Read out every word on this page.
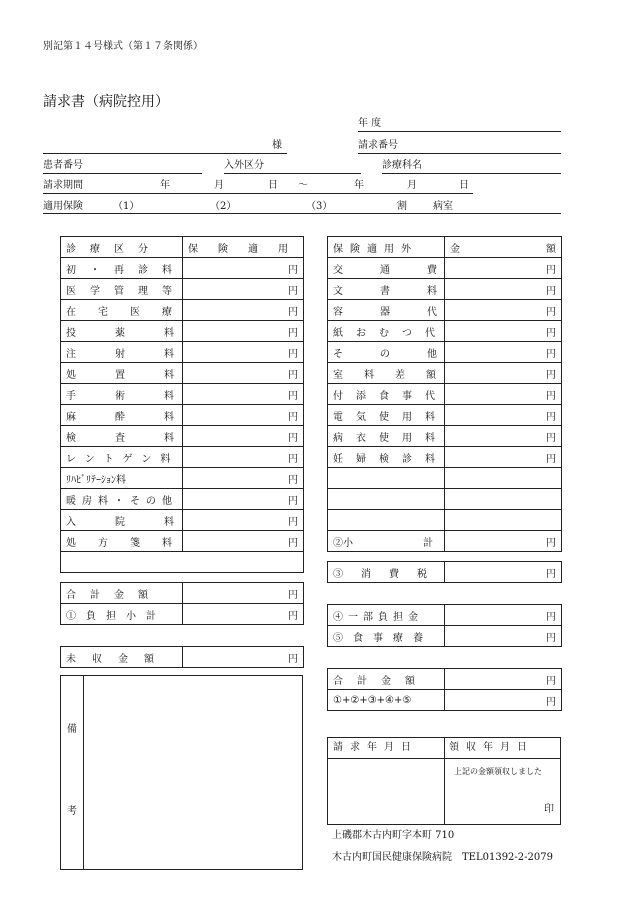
別記第１４号様式（第１７条関係）
請求書（病院控用）
年 度
様	請求番号
患者番号	入外区分	診療科名
請求期間	年	月	日 〜	年	月	日
適用保険	（1）	（2）	（3）	割	病室
診療区分	保険適用
初・再診料	円
医学管理等	円
在宅医療	円
投薬料	円
注射料	円
処置料	円
手術料	円
麻酔料	円
検査料	円
レントゲン料	円
ﾘﾊﾋﾞﾘﾃｰｼｮﾝ料	円
暖房料・その他	円
入院料	円
処方箋料	円

合計金額	円
①負担小計	円

未収金額	円
保険適用外	金 額

交通費	円
文書料	円
容器代	円
紙おむつ代	円
その他	円
室料差額	円
付添食事代	円
電気使用料	円
病衣使用料	円
妊婦検診料	円

②小 計	円

③消費税	円

④一部負担金	円
⑤食事療養	円

合計金額	円
①+②+③+④+⑤	円
備
考
請求年月日	領収年月日
上記の金額領収しました
印
上磯郡木古内町字本町 710
木古内町国民健康保険病院　TEL01392-2-2079
